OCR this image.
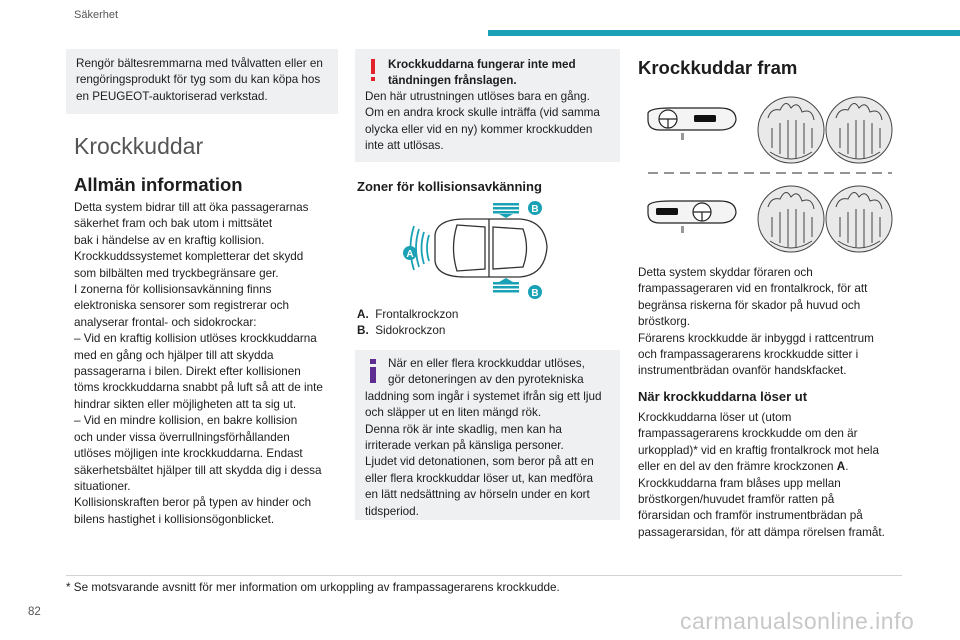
Säkerhet

Rengör bältesremmarna med tvålvatten eller en rengöringsprodukt för tyg som du kan köpa hos en PEUGEOT-auktoriserad verkstad.

Krockkuddar
Allmän information

Detta system bidrar till att öka passagerarnas

säkerhet fram och bak utom i mittsätet

bak i händelse av en kraftig kollision.

Krockkuddssystemet kompletterar det skydd

som bilbälten med tryckbegränsare ger.

I zonerna för kollisionsavkänning finns

elektroniska sensorer som registrerar och

analyserar frontal- och sidokrockar:

– Vid en kraftig kollision utlöses krockkuddarna

med en gång och hjälper till att skydda

passagerarna i bilen. Direkt efter kollisionen

töms krockkuddarna snabbt på luft så att de inte

hindrar sikten eller möjligheten att ta sig ut.

– Vid en mindre kollision, en bakre kollision

och under vissa överrullningsförhållanden

utlöses möjligen inte krockkuddarna. Endast

säkerhetsbältet hjälper till att skydda dig i dessa

situationer.

Kollisionskraften beror på typen av hinder och

bilens hastighet i kollisionsögonblicket.

Krockkuddarna fungerar inte med

tändningen frånslagen.

Den här utrustningen utlöses bara en gång.

Om en andra krock skulle inträffa (vid samma

olycka eller vid en ny) kommer krockkudden

inte att utlösas.

Zoner för kollisionsavkänning
B
B
A

A. Frontalkrockzon

B. Sidokrockzon

När en eller flera krockkuddar utlöses,

gör detoneringen av den pyrotekniska

laddning som ingår i systemet ifrån sig ett ljud

och släpper ut en liten mängd rök.

Denna rök är inte skadlig, men kan ha

irriterade verkan på känsliga personer.

Ljudet vid detonationen, som beror på att en

eller flera krockkuddar löser ut, kan medföra

en lätt nedsättning av hörseln under en kort

tidsperiod.

Krockkuddar fram

Detta system skyddar föraren och

frampassageraren vid en frontalkrock, för att

begränsa riskerna för skador på huvud och

bröstkorg.

Förarens krockkudde är inbyggd i rattcentrum

och frampassagerarens krockkudde sitter i

instrumentbrädan ovanför handskfacket.

När krockkuddarna löser ut

Krockkuddarna löser ut (utom

frampassagerarens krockkudde om den är

urkopplad)* vid en kraftig frontalkrock mot hela

eller en del av den främre krockzonen A.

Krockkuddarna fram blåses upp mellan

bröstkorgen/huvudet framför ratten på

förarsidan och framför instrumentbrädan på

passagerarsidan, för att dämpa rörelsen framåt.

* Se motsvarande avsnitt för mer information om urkoppling av frampassagerarens krockkudde.
82	carmanualsonline.info
